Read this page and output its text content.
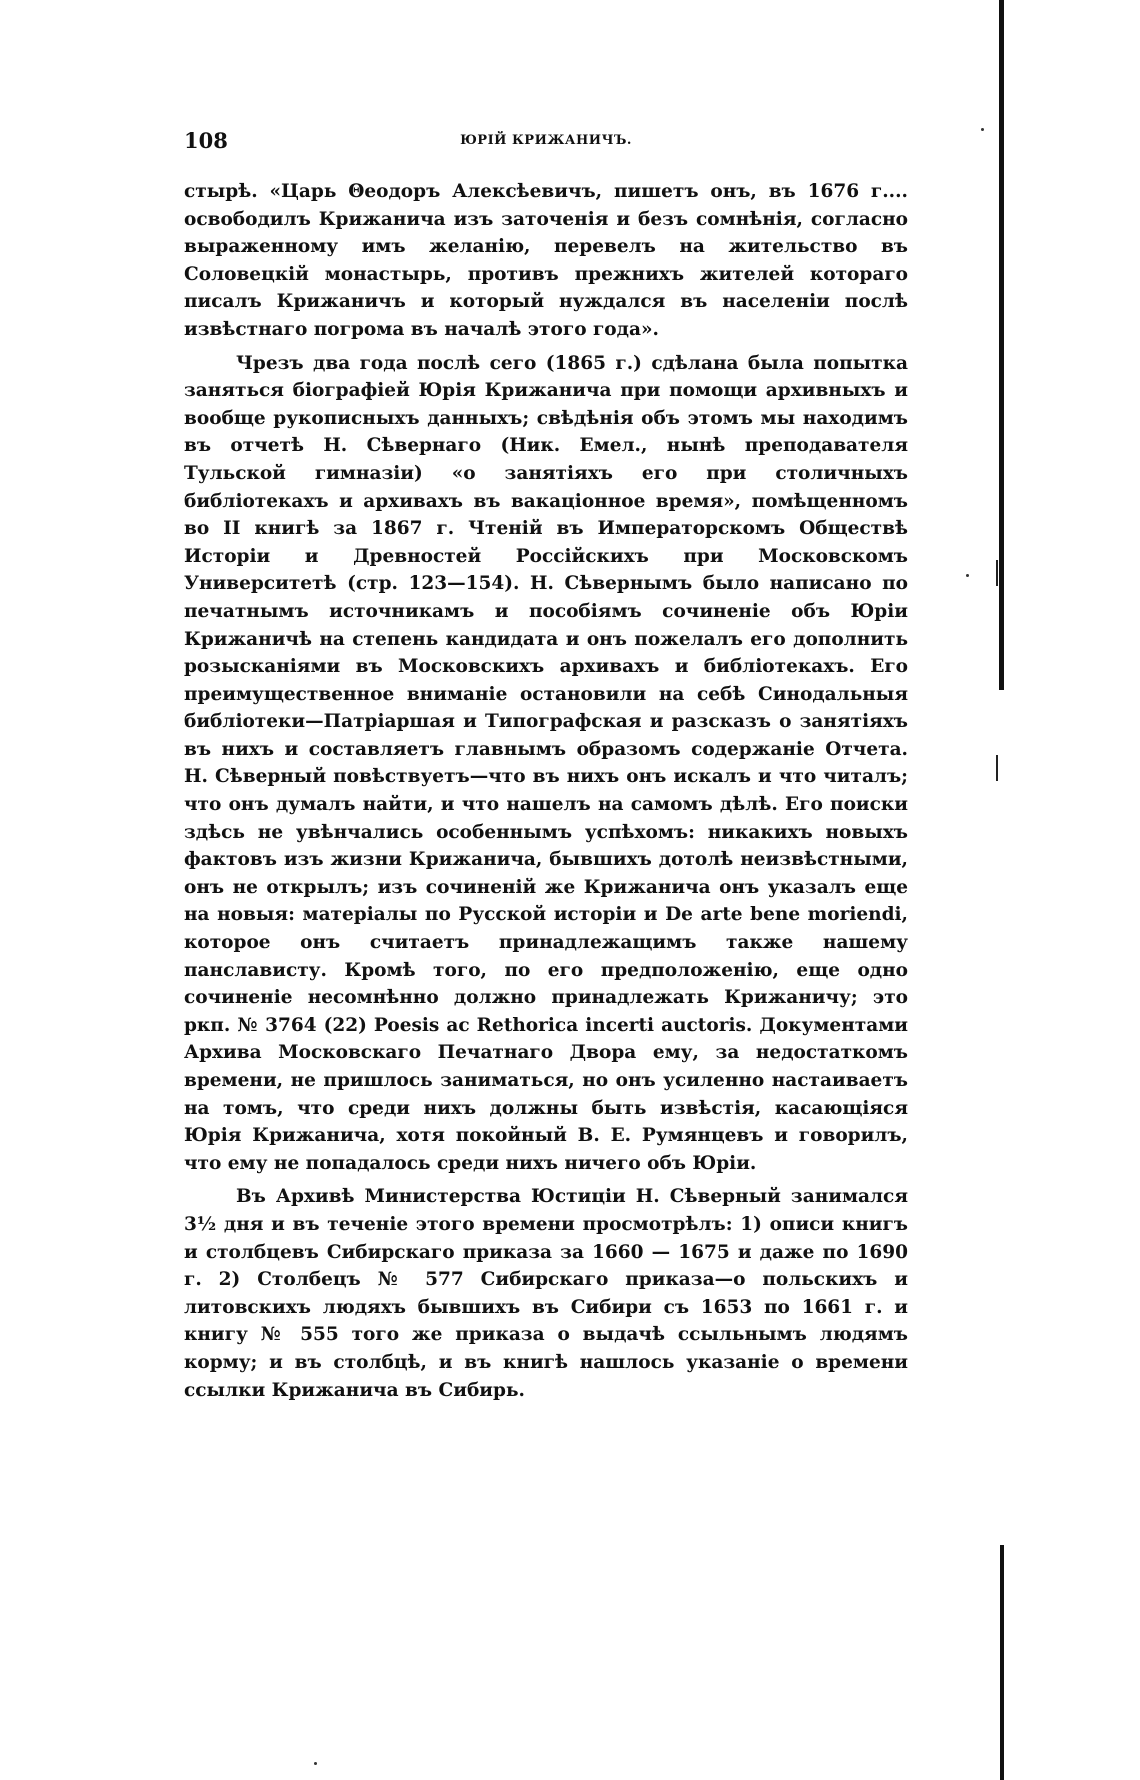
108	ЮРІЙ КРИЖАНИЧЪ.

стырѣ. «Царь Θеодоръ Алексѣевичъ, пишетъ онъ, въ 1676 г.... освободилъ Крижанича изъ заточенія и безъ сомнѣнія, согласно выраженному имъ желанію, перевелъ на жительство въ Соловецкій монастырь, противъ прежнихъ жителей котораго писалъ Крижаничъ и который нуждался въ населеніи послѣ извѣстнаго погрома въ началѣ этого года».

Чрезъ два года послѣ сего (1865 г.) сдѣлана была попытка заняться біографіей Юрія Крижанича при помощи архивныхъ и вообще рукописныхъ данныхъ; свѣдѣнія объ этомъ мы находимъ въ отчетѣ Н. Сѣвернаго (Ник. Емел., нынѣ преподавателя Тульской гимназіи) «о занятіяхъ его при столичныхъ библіотекахъ и архивахъ въ вакаціонное время», помѣщенномъ во II книгѣ за 1867 г. Чтеній въ Императорскомъ Обществѣ Исторіи и Древностей Россійскихъ при Московскомъ Университетѣ (стр. 123—154). Н. Сѣвернымъ было написано по печатнымъ источникамъ и пособіямъ сочиненіе объ Юріи Крижаничѣ на степень кандидата и онъ пожелалъ его дополнить розысканіями въ Московскихъ архивахъ и библіотекахъ. Его преимущественное вниманіе остановили на себѣ Синодальныя библіотеки—Патріаршая и Типографская и разсказъ о занятіяхъ въ нихъ и составляетъ главнымъ образомъ содержаніе Отчета. Н. Сѣверный повѣствуетъ—что въ нихъ онъ искалъ и что читалъ; что онъ думалъ найти, и что нашелъ на самомъ дѣлѣ. Его поиски здѣсь не увѣнчались особеннымъ успѣхомъ: никакихъ новыхъ фактовъ изъ жизни Крижанича, бывшихъ дотолѣ неизвѣстными, онъ не открылъ; изъ сочиненій же Крижанича онъ указалъ еще на новыя: матеріалы по Русской исторіи и De arte bene moriendi, которое онъ считаетъ принадлежащимъ также нашему панслависту. Кромѣ того, по его предположенію, еще одно сочиненіе несомнѣнно должно принадлежать Крижаничу; это ркп. № 3764 (22) Poesis ac Rethorica incerti auctoris. Документами Архива Московскаго Печатнаго Двора ему, за недостаткомъ времени, не пришлось заниматься, но онъ усиленно настаиваетъ на томъ, что среди нихъ должны быть извѣстія, касающіяся Юрія Крижанича, хотя покойный В. Е. Румянцевъ и говорилъ, что ему не попадалось среди нихъ ничего объ Юріи.

Въ Архивѣ Министерства Юстиціи Н. Сѣверный занимался 3½ дня и въ теченіе этого времени просмотрѣлъ: 1) описи книгъ и столбцевъ Сибирскаго приказа за 1660 — 1675 и даже по 1690 г. 2) Столбецъ № 577 Сибирскаго приказа—о польскихъ и литовскихъ людяхъ бывшихъ въ Сибири съ 1653 по 1661 г. и книгу № 555 того же приказа о выдачѣ ссыльнымъ людямъ корму; и въ столбцѣ, и въ книгѣ нашлось указаніе о времени ссылки Крижанича въ Сибирь.
